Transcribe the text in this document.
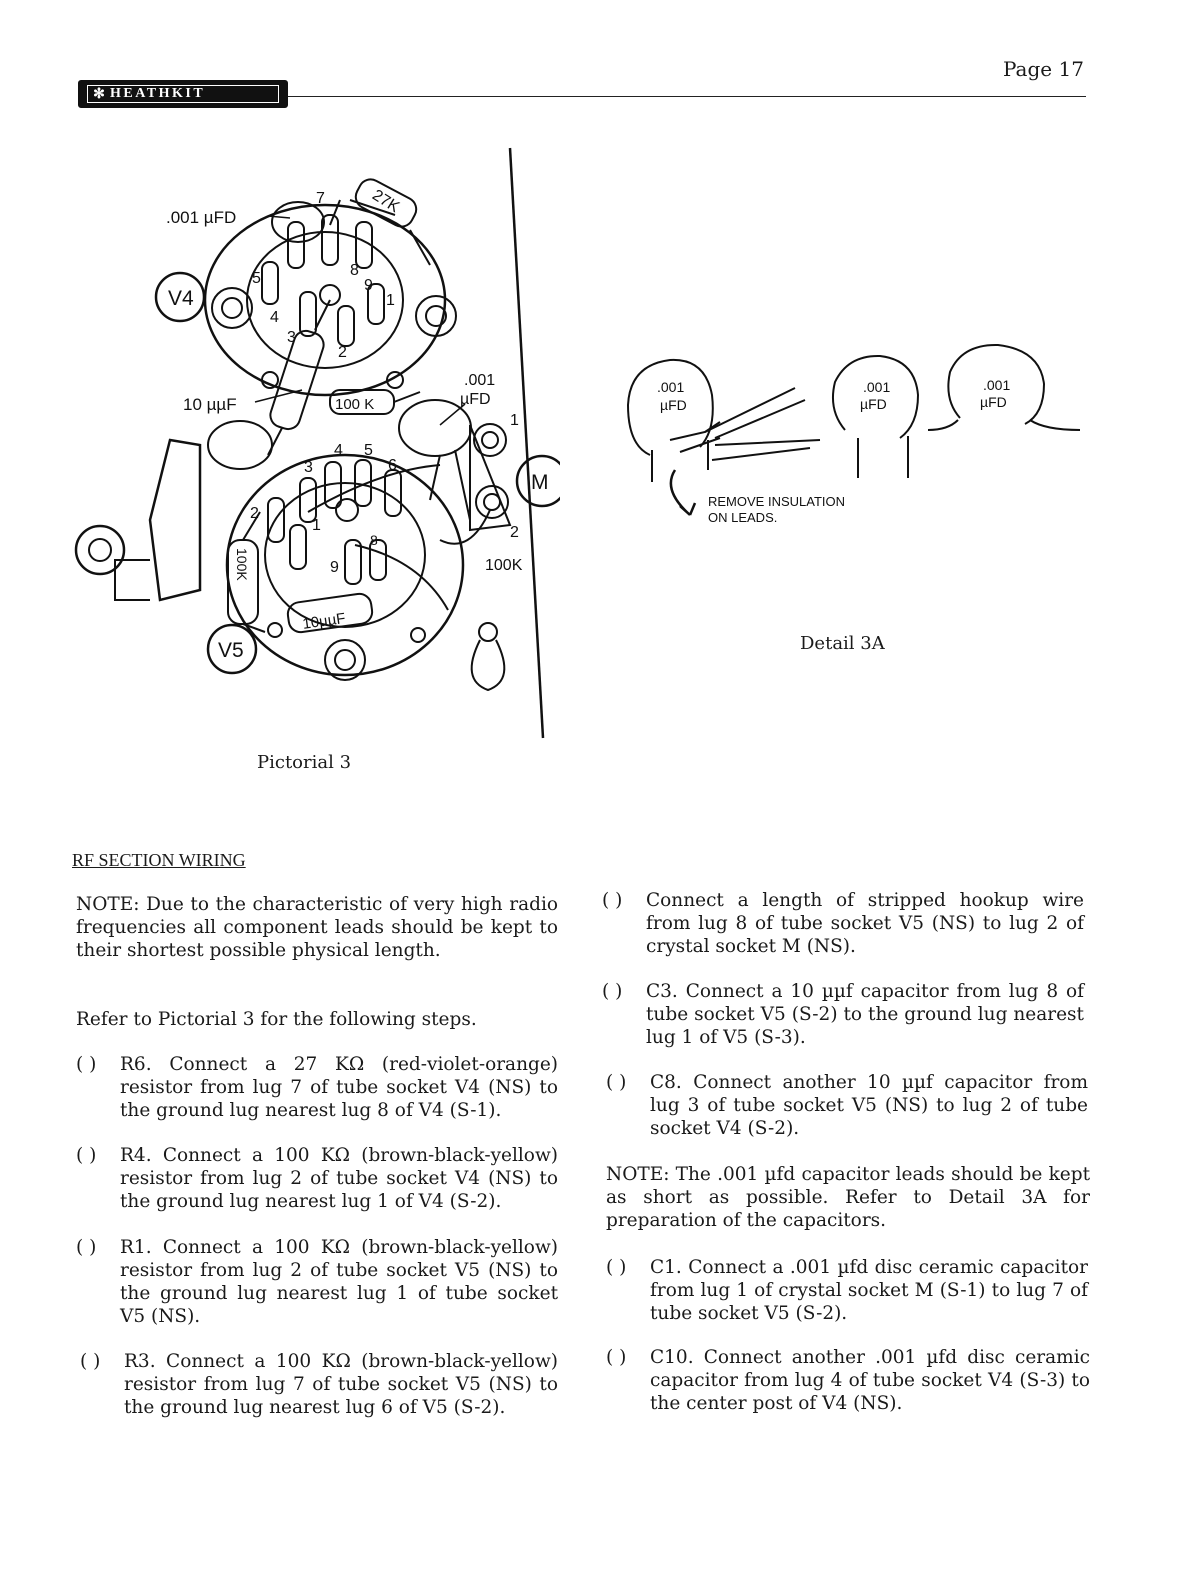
✻ HEATHKIT
Page 17
.001 µFD
27K
V4
V5
M
10 µµF	100 K
.001
µFD
100K
100K
10µµF
7
8
9
1
5
4
3
2
4 5
6
3
2
1
9
8
1
2
Pictorial 3
.001
µFD
.001
µFD
.001
µFD
REMOVE INSULATION
ON LEADS.
Detail 3A
RF SECTION WIRING
NOTE: Due to the characteristic of very high radio frequencies all component leads should be kept to their shortest possible physical length.
Refer to Pictorial 3 for the following steps.
( ) R6. Connect a 27 KΩ (red-violet-orange) resistor from lug 7 of tube socket V4 (NS) to the ground lug nearest lug 8 of V4 (S-1).
( ) R4. Connect a 100 KΩ (brown-black-yellow) resistor from lug 2 of tube socket V4 (NS) to the ground lug nearest lug 1 of V4 (S-2).
( ) R1. Connect a 100 KΩ (brown-black-yellow) resistor from lug 2 of tube socket V5 (NS) to the ground lug nearest lug 1 of tube socket V5 (NS).
( ) R3. Connect a 100 KΩ (brown-black-yellow) resistor from lug 7 of tube socket V5 (NS) to the ground lug nearest lug 6 of V5 (S-2).
( ) Connect a length of stripped hookup wire from lug 8 of tube socket V5 (NS) to lug 2 of crystal socket M (NS).
( ) C3. Connect a 10 µµf capacitor from lug 8 of tube socket V5 (S-2) to the ground lug nearest lug 1 of V5 (S-3).
( ) C8. Connect another 10 µµf capacitor from lug 3 of tube socket V5 (NS) to lug 2 of tube socket V4 (S-2).
NOTE: The .001 µfd capacitor leads should be kept as short as possible. Refer to Detail 3A for preparation of the capacitors.
( ) C1. Connect a .001 µfd disc ceramic capacitor from lug 1 of crystal socket M (S-1) to lug 7 of tube socket V5 (S-2).
( ) C10. Connect another .001 µfd disc ceramic capacitor from lug 4 of tube socket V4 (S-3) to the center post of V4 (NS).
